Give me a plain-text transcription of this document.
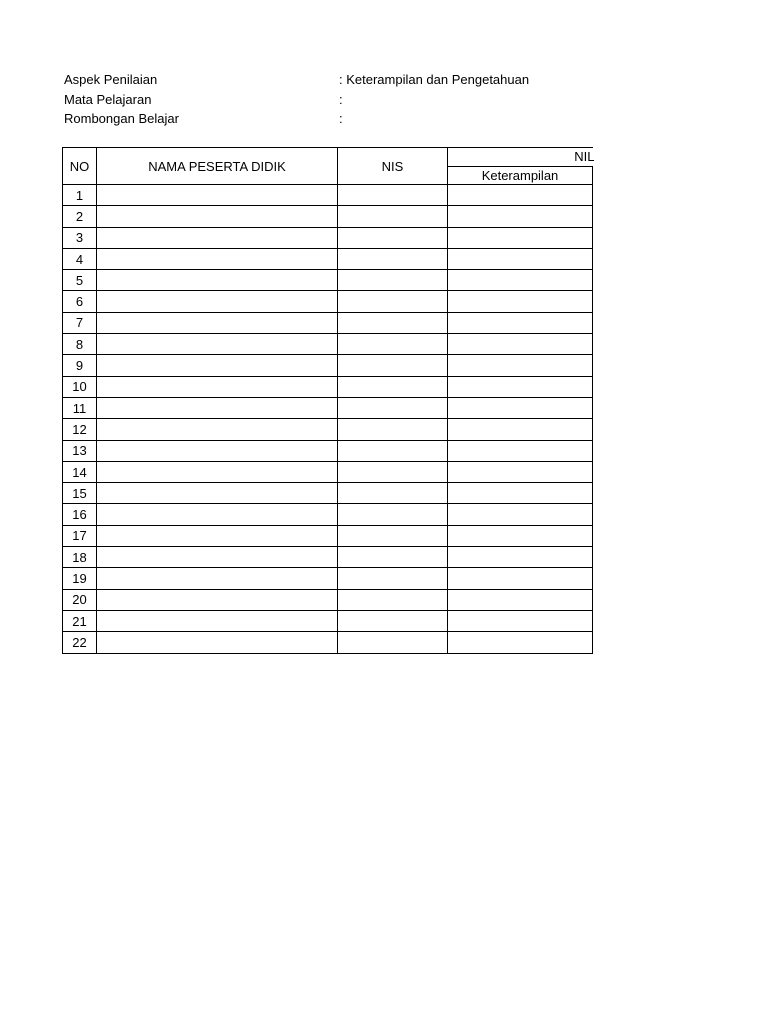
Aspek Penilaian	: Keterampilan dan Pengetahuan
Mata Pelajaran	:
Rombongan Belajar	:
NO	NAMA PESERTA DIDIK	NIS	NIL

			Keterampilan
1			
2			
3			
4			
5			
6			
7			
8			
9			
10			
11			
12			
13			
14			
15			
16			
17			
18			
19			
20			
21			
22			
